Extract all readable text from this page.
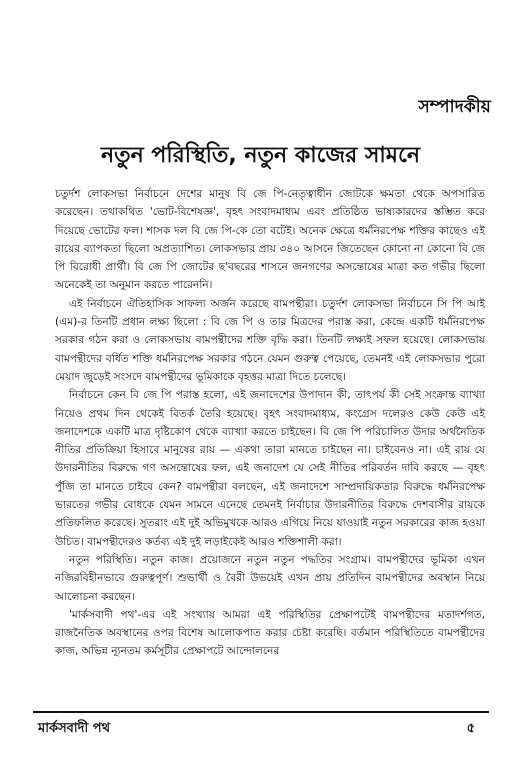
সম্পাদকীয়
নতুন পরিস্থিতি, নতুন কাজের সামনে

চতুর্দশ লোকসভা নির্বাচনে দেশের মানুষ বি জে পি-নেতৃত্বাধীন জোটকে ক্ষমতা থেকে অপসারিত করেছেন। তথাকথিত 'ভোট-বিশেষজ্ঞ', বৃহৎ সংবাদমাধ্যম এবং প্রতিষ্ঠিত ভাষ্যকারদের স্তম্ভিত করে দিয়েছে ভোটের ফল। শাসক দল বি জে পি-কে তো বটেই। অনেক ক্ষেত্রে ধর্মনিরপেক্ষ শক্তির কাছেও এই রায়ের ব্যাপকতা ছিলো অপ্রত্যাশিত। লোকসভার প্রায় ৩৪০ আসনে জিতেছেন কোনো না কোনো বি জে পি বিরোধী প্রার্থী। বি জে পি জোটের ছ'বছরের শাসনে জনগণের অসন্তোষের মাত্রা কত গভীর ছিলো অনেকেই তা অনুমান করতে পারেননি।

এই নির্বাচনে ঐতিহাসিক সাফল্য অর্জন করেছে বামপন্থীরা। চতুর্দশ লোকসভা নির্বাচনে সি পি আই (এম)-র তিনটি প্রধান লক্ষ্য ছিলো : বি জে পি ও তার মিত্রদের পরাস্ত করা, কেন্দ্রে একটি ধর্মনিরপেক্ষ সরকার গঠন করা ও লোকসভায় বামপন্থীদের শক্তি বৃদ্ধি করা। তিনটি লক্ষ্যই সফল হয়েছে। লোকসভায় বামপন্থীদের বর্ধিত শক্তি ধর্মনিরপেক্ষ সরকার গঠনে যেমন গুরুত্ব পেয়েছে, তেমনই এই লোকসভার পুরো মেয়াদ জুড়েই সংসদে বামপন্থীদের ভূমিকাকে বৃহত্তর মাত্রা দিতে চলেছে।

নির্বাচনে কেন বি জে পি পরাস্ত হলো, এই জনাদেশের উপাদান কী, তাৎপর্য কী সেই সংক্রান্ত ব্যাখ্যা নিয়েও প্রথম দিন থেকেই বিতর্ক তৈরি হয়েছে। বৃহৎ সংবাদমাধ্যম, কংগ্রেস দলেরও কেউ কেউ এই জনাদেশকে একটি মাত্র দৃষ্টিকোণ থেকে ব্যাখ্যা করতে চাইছেন। বি জে পি পরিচালিত উদার অর্থনৈতিক নীতির প্রতিক্রিয়া হিসাবে মানুষের রায় — একথা তারা মানতে চাইছেন না। চাইবেনও না। এই রায় যে উদারনীতির বিরুদ্ধে গণ অসন্তোষের ফল, এই জনাদেশ যে সেই নীতির পরিবর্তন দাবি করছে — বৃহৎ পুঁজি তা মানতে চাইবে কেন? বামপন্থীরা বলছেন, এই জনাদেশে সাম্প্রদায়িকতার বিরুদ্ধে ধর্মনিরপেক্ষ ভারতের গভীর বোধকে যেমন সামনে এনেছে তেমনই নির্বাচার উদারনীতির বিরুদ্ধে দেশবাসীর রায়কে প্রতিফলিত করেছে। সুতরাং এই দুই অভিমুখকে আরও এগিয়ে নিয়ে যাওয়াই নতুন সরকারের কাজ হওয়া উচিত। বামপন্থীদেরও কর্তব্য এই দুই লড়াইকেই আরও শক্তিশালী করা।

নতুন পরিস্থিতি। নতুন কাজ। প্রয়োজনে নতুন নতুন পদ্ধতির সংগ্রাম। বামপন্থীদের ভূমিকা এখন নজিরবিহীনভাবে গুরুত্বপূর্ণ। শুভার্থী ও বৈরী উভয়েই এখন প্রায় প্রতিদিন বামপন্থীদের অবস্থান নিয়ে আলোচনা করছেন।

'মার্কসবাদী পথ'-এর এই সংখ্যায় আমরা এই পরিস্থিতির প্রেক্ষাপটেই বামপন্থীদের মতাদর্শগত, রাজনৈতিক অবস্থানের ওপর বিশেষ আলোকপাত করার চেষ্টা করেছি। বর্তমান পরিস্থিতিতে বামপন্থীদের কাজ, অভিন্ন ন্যূনতম কর্মসূচীর প্রেক্ষাপটে আন্দোলনের

মার্কসবাদী পথ	৫
